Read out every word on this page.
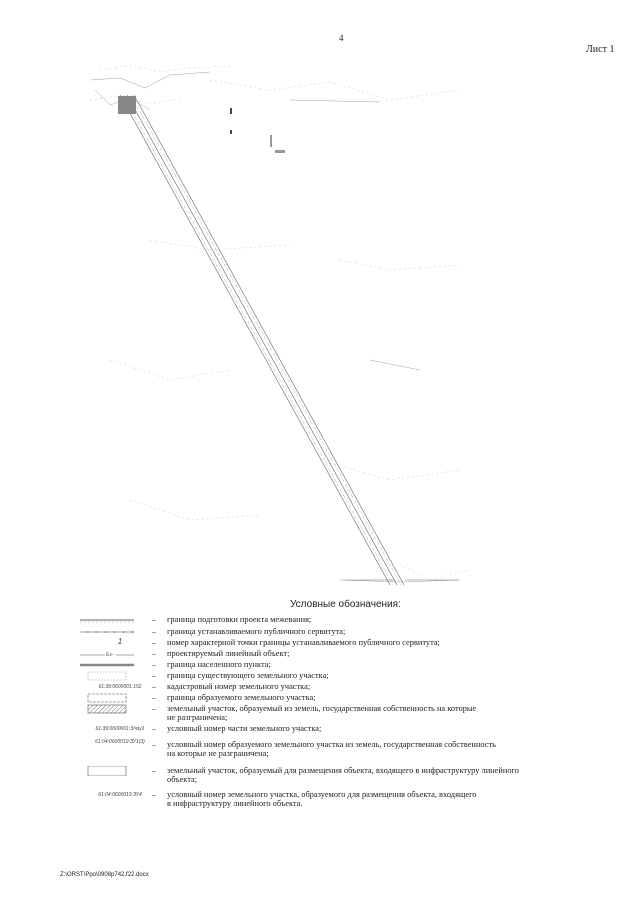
4
Лист 1
Условные обозначения:
– граница подготовки проекта межевания;
– граница устанавливаемого публичного сервитута;
1	– номер характерной точки границы устанавливаемого публичного сервитута;
Ex-	– проектируемый линейный объект;
– граница населенного пункта;
– граница существующего земельного участка;
61:39:0600001:152	– кадастровый номер земельного участка;
– граница образуемого земельного участка;
– земельный участок, образуемый из земель, государственная собственность на которые
не разграничена;
61:39:0600001:3/чзу1 – условный номер части земельного участка;
61:04:0600019:ЗУ1(3) – условный номер образуемого земельного участка из земель, государственная собственность
на которые не разграничена;
– земельный участок, образуемый для размещения объекта, входящего в инфраструктуру линейного
объекта;
61:04:0600019:ЗУ4	– условный номер земельного участка, образуемого для размещения объекта, входящего
в инфраструктуру линейного объекта.
Z:\ORST\Ppo\0908p742.f22.docx
